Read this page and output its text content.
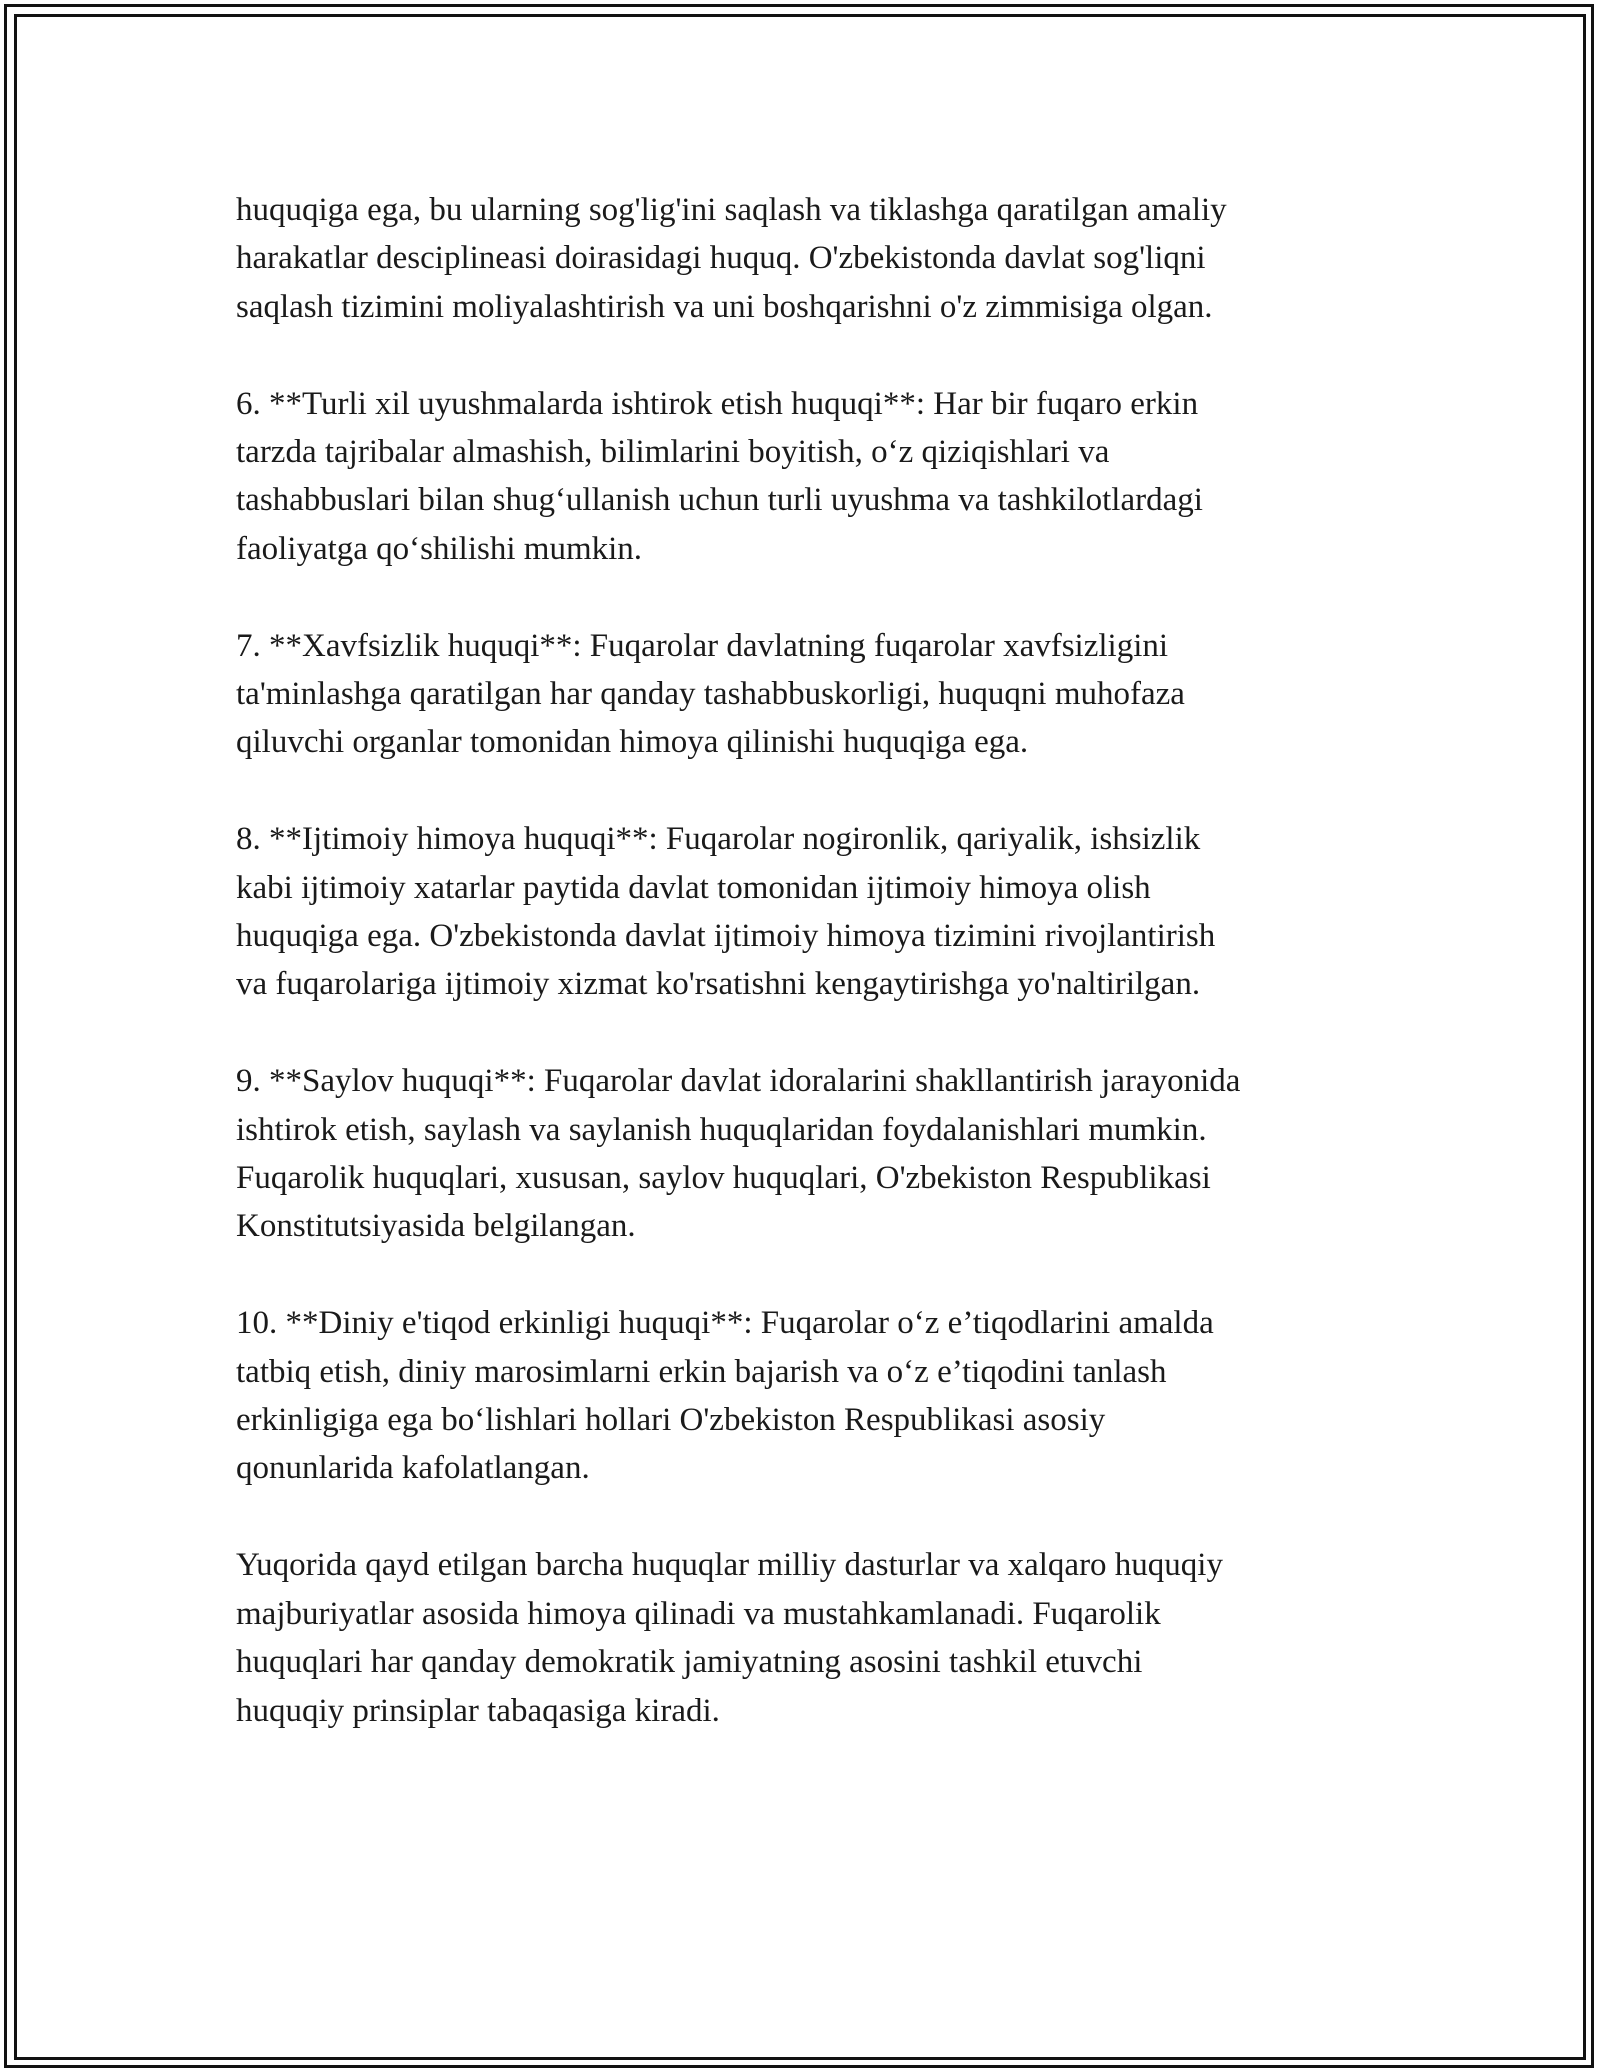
huquqiga ega, bu ularning sog'lig'ini saqlash va tiklashga qaratilgan amaliy
harakatlar desciplineasi doirasidagi huquq. O'zbekistonda davlat sog'liqni
saqlash tizimini moliyalashtirish va uni boshqarishni o'z zimmisiga olgan.

6. **Turli xil uyushmalarda ishtirok etish huquqi**: Har bir fuqaro erkin
tarzda tajribalar almashish, bilimlarini boyitish, o‘z qiziqishlari va
tashabbuslari bilan shug‘ullanish uchun turli uyushma va tashkilotlardagi
faoliyatga qo‘shilishi mumkin.

7. **Xavfsizlik huquqi**: Fuqarolar davlatning fuqarolar xavfsizligini
ta'minlashga qaratilgan har qanday tashabbuskorligi, huquqni muhofaza
qiluvchi organlar tomonidan himoya qilinishi huquqiga ega.

8. **Ijtimoiy himoya huquqi**: Fuqarolar nogironlik, qariyalik, ishsizlik
kabi ijtimoiy xatarlar paytida davlat tomonidan ijtimoiy himoya olish
huquqiga ega. O'zbekistonda davlat ijtimoiy himoya tizimini rivojlantirish
va fuqarolariga ijtimoiy xizmat ko'rsatishni kengaytirishga yo'naltirilgan.

9. **Saylov huquqi**: Fuqarolar davlat idoralarini shakllantirish jarayonida
ishtirok etish, saylash va saylanish huquqlaridan foydalanishlari mumkin.
Fuqarolik huquqlari, xususan, saylov huquqlari, O'zbekiston Respublikasi
Konstitutsiyasida belgilangan.

10. **Diniy e'tiqod erkinligi huquqi**: Fuqarolar o‘z e’tiqodlarini amalda
tatbiq etish, diniy marosimlarni erkin bajarish va o‘z e’tiqodini tanlash
erkinligiga ega bo‘lishlari hollari O'zbekiston Respublikasi asosiy
qonunlarida kafolatlangan.

Yuqorida qayd etilgan barcha huquqlar milliy dasturlar va xalqaro huquqiy
majburiyatlar asosida himoya qilinadi va mustahkamlanadi. Fuqarolik
huquqlari har qanday demokratik jamiyatning asosini tashkil etuvchi
huquqiy prinsiplar tabaqasiga kiradi.
